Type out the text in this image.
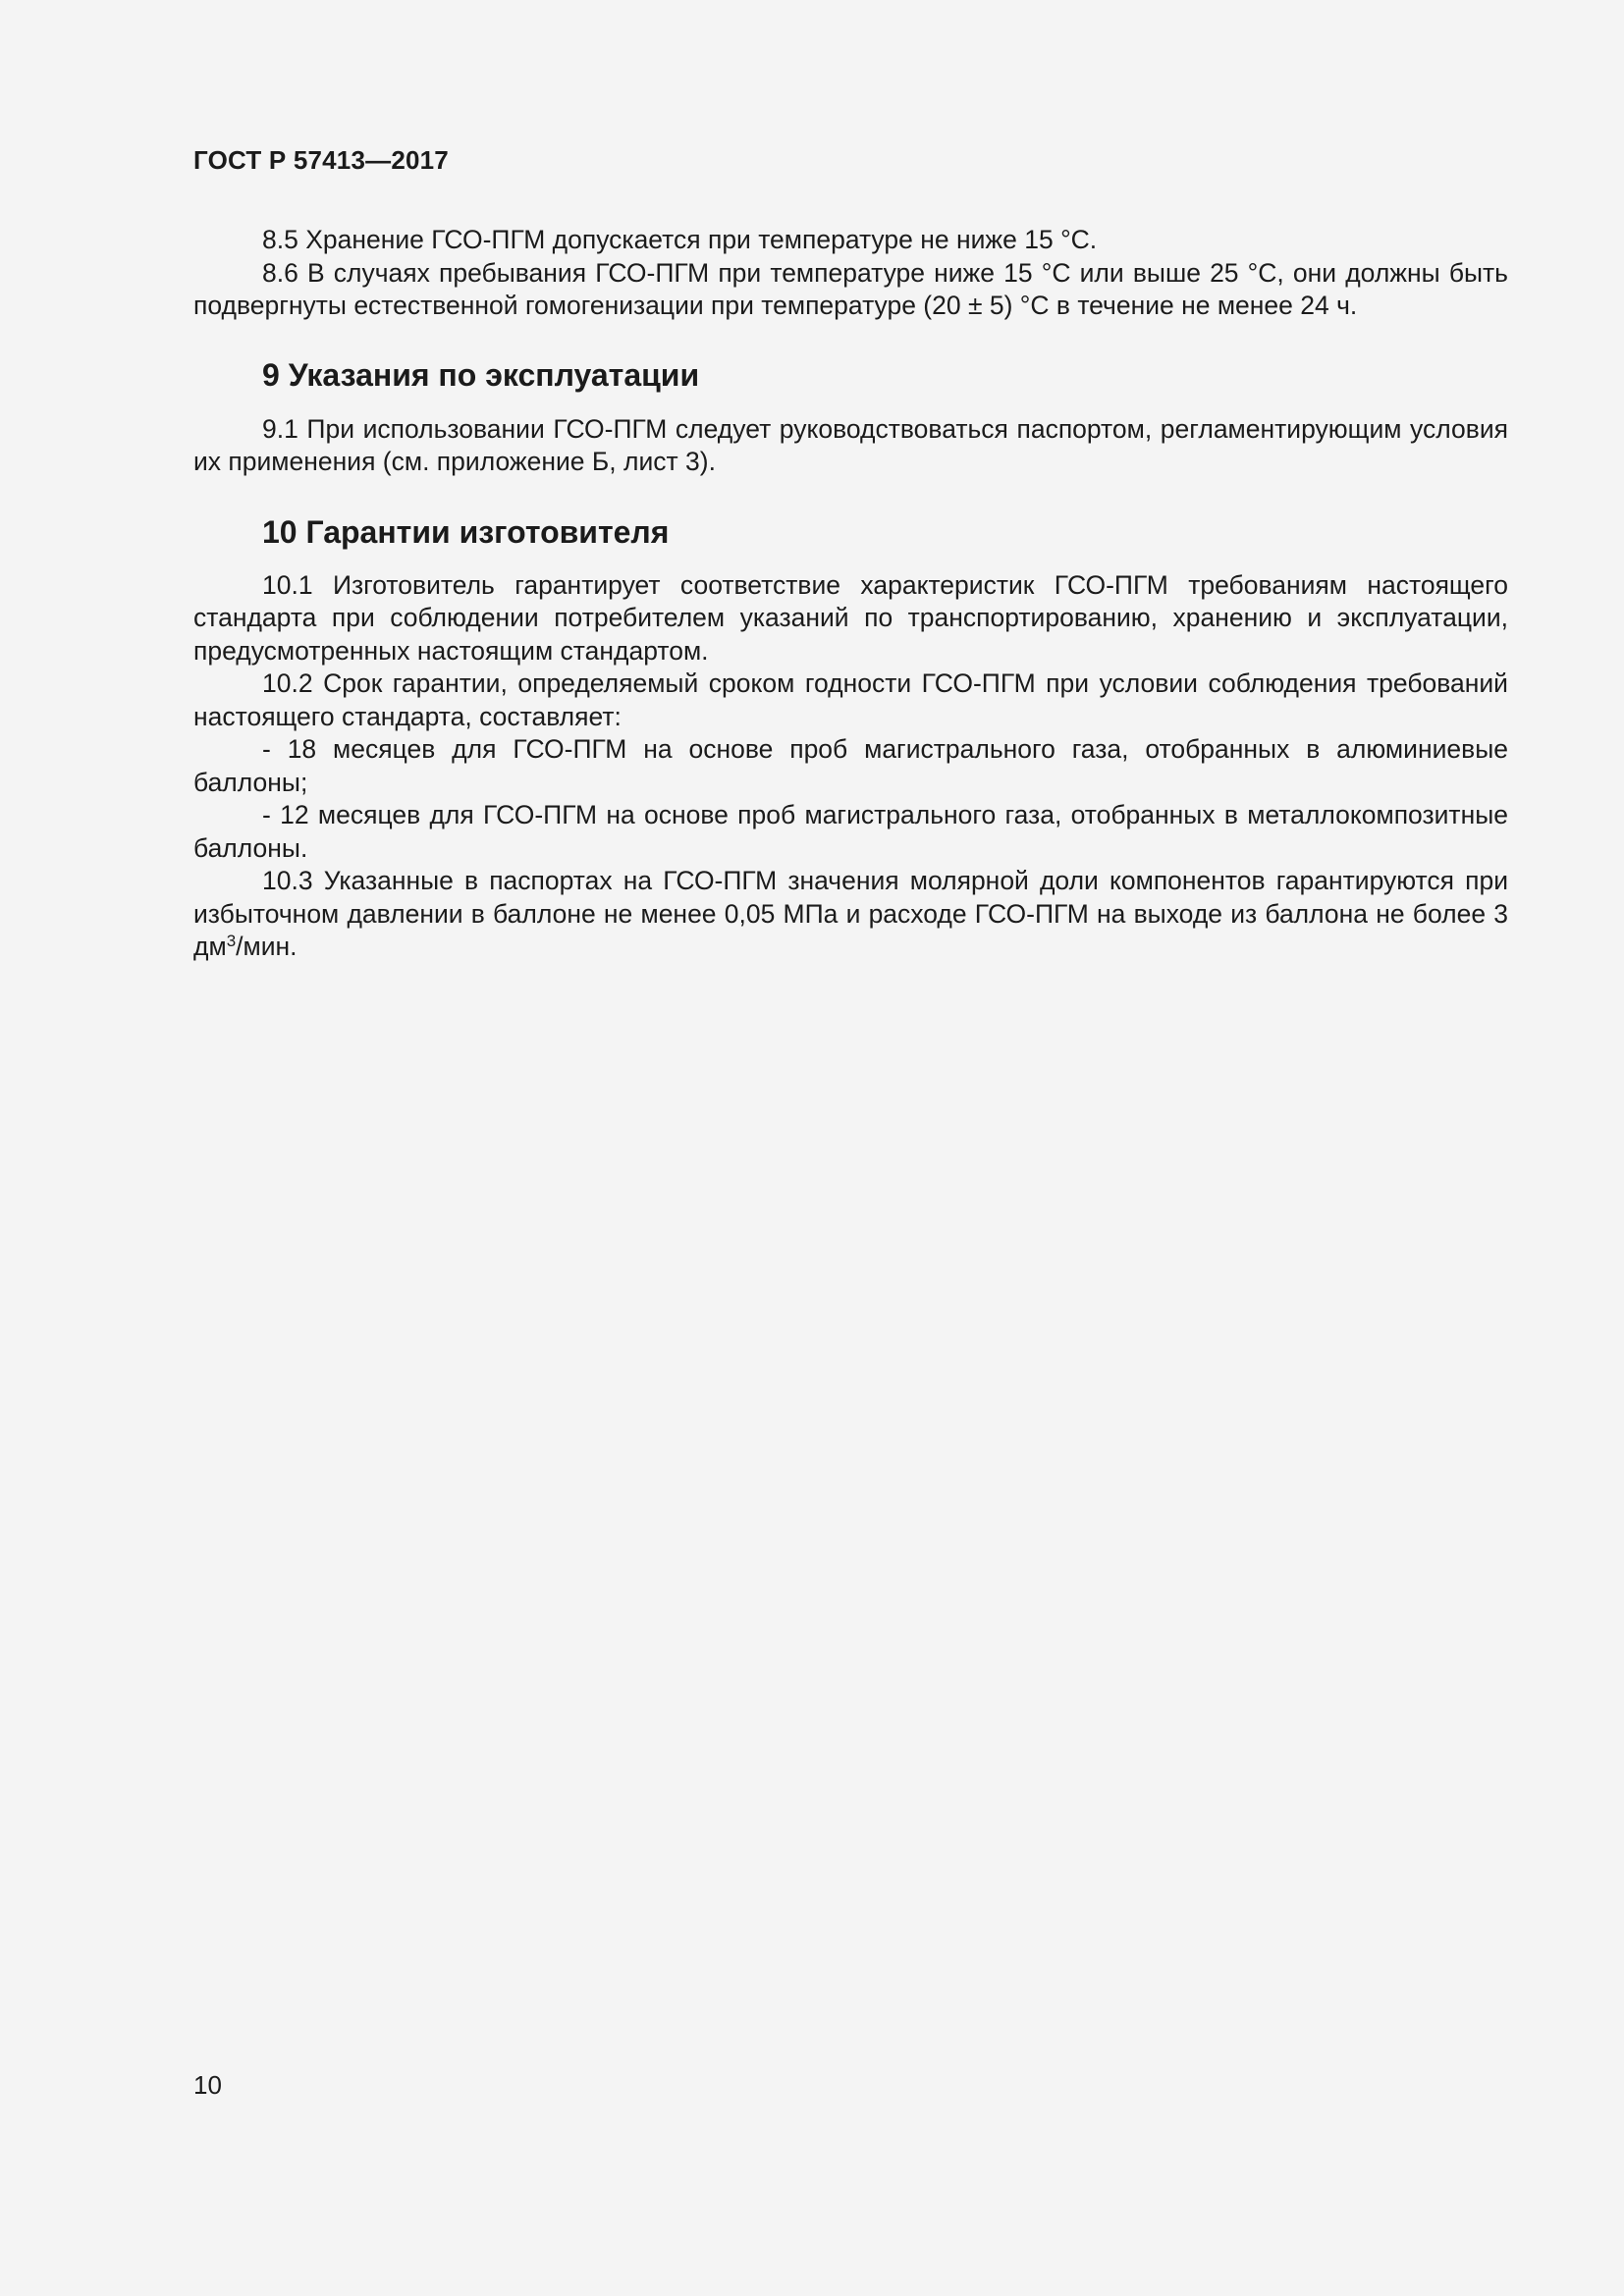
ГОСТ Р 57413—2017

8.5 Хранение ГСО-ПГМ допускается при температуре не ниже 15 °С.

8.6 В случаях пребывания ГСО-ПГМ при температуре ниже 15 °С или выше 25 °С, они должны быть подвергнуты естественной гомогенизации при температуре (20 ± 5) °С в течение не менее 24 ч.

9 Указания по эксплуатации

9.1 При использовании ГСО-ПГМ следует руководствоваться паспортом, регламентирующим условия их применения (см. приложение Б, лист 3).

10 Гарантии изготовителя

10.1 Изготовитель гарантирует соответствие характеристик ГСО-ПГМ требованиям настоящего стандарта при соблюдении потребителем указаний по транспортированию, хранению и эксплуатации, предусмотренных настоящим стандартом.

10.2 Срок гарантии, определяемый сроком годности ГСО-ПГМ при условии соблюдения требований настоящего стандарта, составляет:

- 18 месяцев для ГСО-ПГМ на основе проб магистрального газа, отобранных в алюминиевые баллоны;

- 12 месяцев для ГСО-ПГМ на основе проб магистрального газа, отобранных в металлокомпозитные баллоны.

10.3 Указанные в паспортах на ГСО-ПГМ значения молярной доли компонентов гарантируются при избыточном давлении в баллоне не менее 0,05 МПа и расходе ГСО-ПГМ на выходе из баллона не более 3 $дм^3$/мин.

10
